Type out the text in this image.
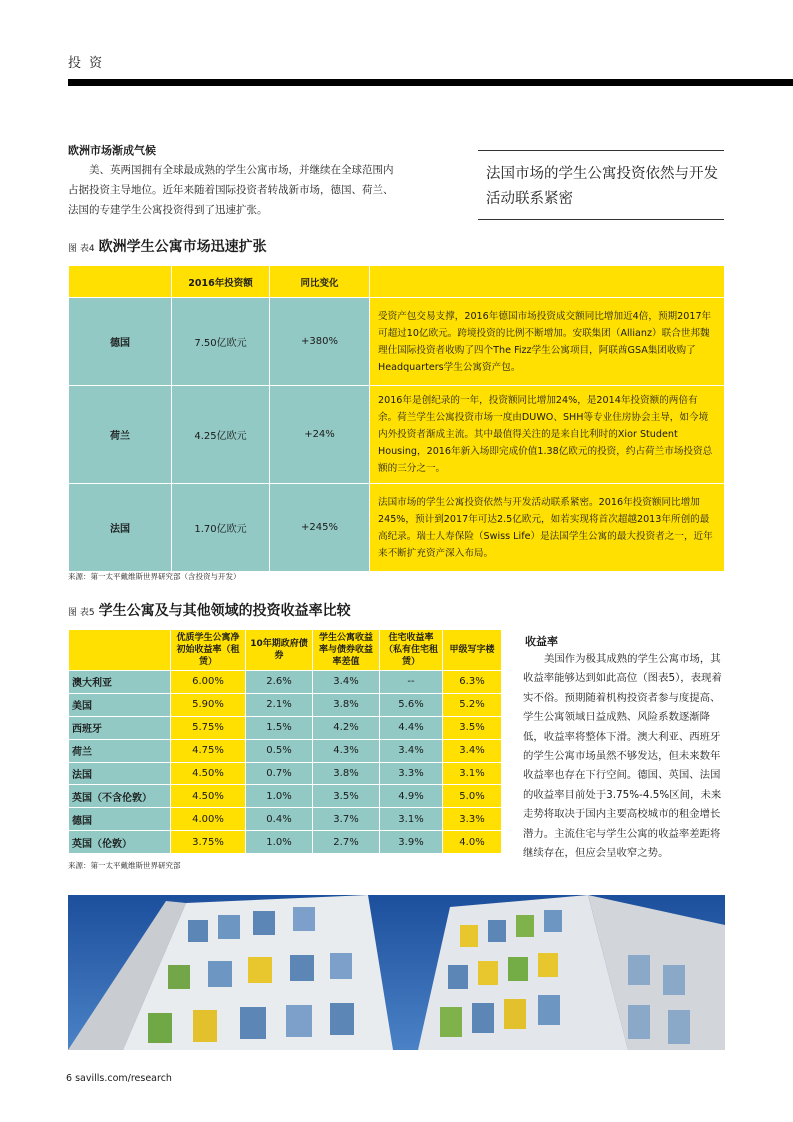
投 资
欧洲市场渐成气候
美、英两国拥有全球最成熟的学生公寓市场，并继续在全球范围内占据投资主导地位。近年来随着国际投资者转战新市场，德国、荷兰、法国的专建学生公寓投资得到了迅速扩张。
法国市场的学生公寓投资依然与开发活动联系紧密
图 表4 欧洲学生公寓市场迅速扩张
	2016年投资额	同比变化	
德国	7.50亿欧元	+380%	受资产包交易支撑，2016年德国市场投资成交额同比增加近4倍，预期2017年可超过10亿欧元。跨境投资的比例不断增加。安联集团（Allianz）联合世邦魏理仕国际投资者收购了四个The Fizz学生公寓项目，阿联酋GSA集团收购了Headquarters学生公寓资产包。
荷兰	4.25亿欧元	+24%	2016年是创纪录的一年，投资额同比增加24%，是2014年投资额的两倍有余。荷兰学生公寓投资市场一度由DUWO、SHH等专业住房协会主导，如今境内外投资者渐成主流。其中最值得关注的是来自比利时的Xior Student Housing，2016年新入场即完成价值1.38亿欧元的投资，约占荷兰市场投资总额的三分之一。
法国	1.70亿欧元	+245%	法国市场的学生公寓投资依然与开发活动联系紧密。2016年投资额同比增加245%，预计到2017年可达2.5亿欧元，如若实现将首次超越2013年所创的最高纪录。瑞士人寿保险（Swiss Life）是法国学生公寓的最大投资者之一，近年来不断扩充资产深入布局。
来源：第一太平戴维斯世界研究部（含投资与开发）
图 表5 学生公寓及与其他领域的投资收益率比较
	优质学生公寓净初始收益率（租赁）	10年期政府债券	学生公寓收益率与债券收益率差值	住宅收益率（私有住宅租赁）	甲级写字楼
澳大利亚	6.00%	2.6%	3.4%	--	6.3%
美国	5.90%	2.1%	3.8%	5.6%	5.2%
西班牙	5.75%	1.5%	4.2%	4.4%	3.5%
荷兰	4.75%	0.5%	4.3%	3.4%	3.4%
法国	4.50%	0.7%	3.8%	3.3%	3.1%
英国（不含伦敦）	4.50%	1.0%	3.5%	4.9%	5.0%
德国	4.00%	0.4%	3.7%	3.1%	3.3%
英国（伦敦）	3.75%	1.0%	2.7%	3.9%	4.0%
来源：第一太平戴维斯世界研究部
收益率
美国作为极其成熟的学生公寓市场，其收益率能够达到如此高位（图表5），表现着实不俗。预期随着机构投资者参与度提高、学生公寓领域日益成熟、风险系数逐渐降低，收益率将整体下滑。澳大利亚、西班牙的学生公寓市场虽然不够发达，但未来数年收益率也存在下行空间。德国、英国、法国的收益率目前处于3.75%-4.5%区间，未来走势将取决于国内主要高校城市的租金增长潜力。主流住宅与学生公寓的收益率差距将继续存在，但应会呈收窄之势。
6 savills.com/research
